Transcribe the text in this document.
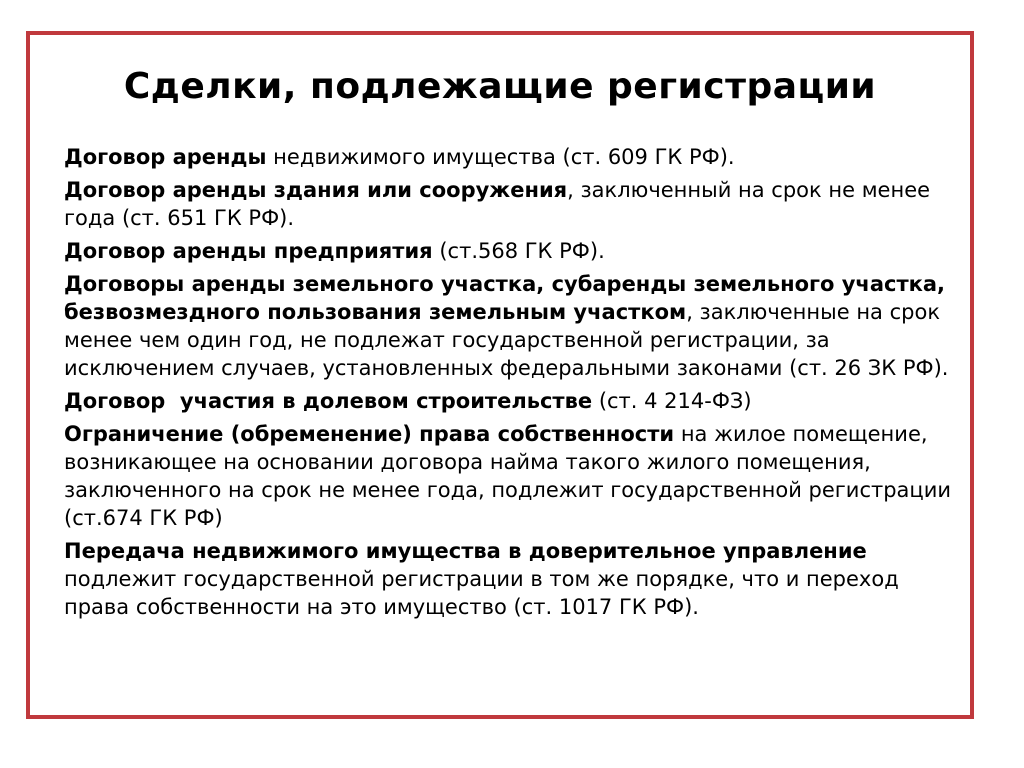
Сделки, подлежащие регистрации
Договор аренды недвижимого имущества (ст. 609 ГК РФ).
Договор аренды здания или сооружения, заключенный на срок не менее года (ст. 651 ГК РФ).
Договор аренды предприятия (ст.568 ГК РФ).
Договоры аренды земельного участка, субаренды земельного участка, безвозмездного пользования земельным участком, заключенные на срок менее чем один год, не подлежат государственной регистрации, за исключением случаев, установленных федеральными законами (ст. 26 ЗК РФ).
Договор  участия в долевом строительстве (ст. 4 214-ФЗ)
Ограничение (обременение) права собственности на жилое помещение, возникающее на основании договора найма такого жилого помещения, заключенного на срок не менее года, подлежит государственной регистрации (ст.674 ГК РФ)
Передача недвижимого имущества в доверительное управление подлежит государственной регистрации в том же порядке, что и переход права собственности на это имущество (ст. 1017 ГК РФ).
